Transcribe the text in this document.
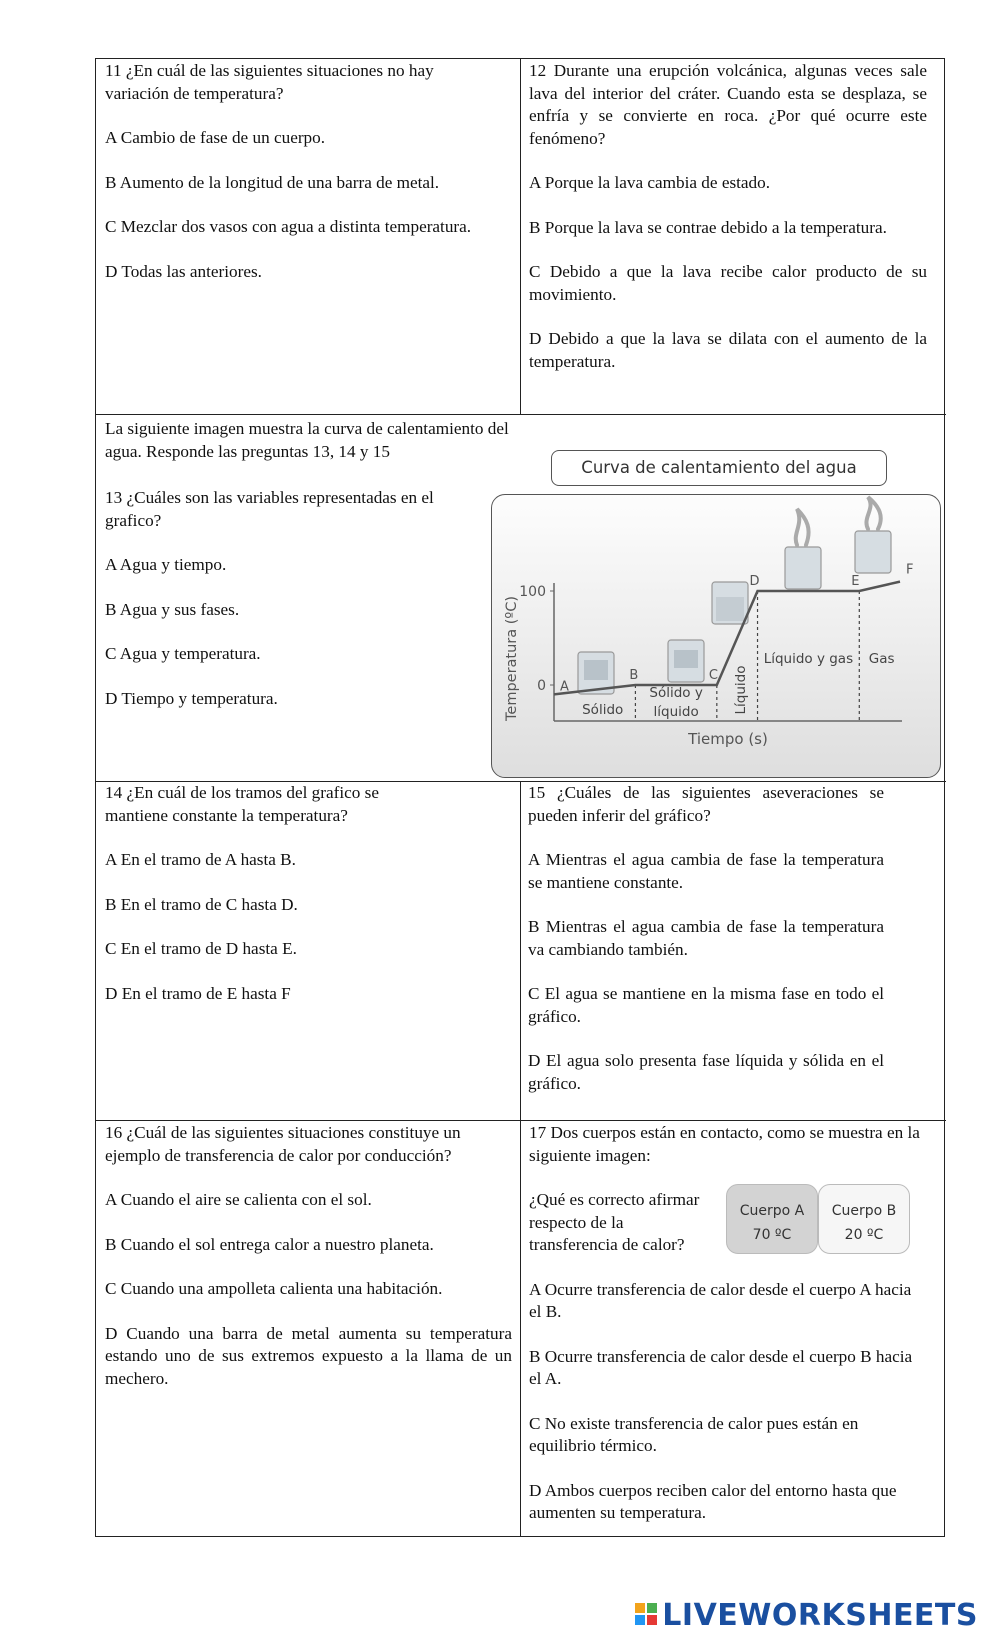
11 ¿En cuál de las siguientes situaciones no hay variación de temperatura?

A Cambio de fase de un cuerpo.

B Aumento de la longitud de una barra de metal.

C Mezclar dos vasos con agua a distinta temperatura.

D Todas las anteriores.

12 Durante una erupción volcánica, algunas veces sale lava del interior del cráter. Cuando esta se desplaza, se enfría y se convierte en roca. ¿Por qué ocurre este fenómeno?

A Porque la lava cambia de estado.

B Porque la lava se contrae debido a la temperatura.

C Debido a que la lava recibe calor producto de su movimiento.

D Debido a que la lava se dilata con el aumento de la temperatura.

La siguiente imagen muestra la curva de calentamiento del agua. Responde las preguntas 13, 14 y 15

13 ¿Cuáles son las variables representadas en el grafico?

A Agua y tiempo.

B Agua y sus fases.

C Agua y temperatura.

D Tiempo y temperatura.

Curva de calentamiento del agua
100
0
Temperatura (ºC)
Tiempo (s)
A
B	C
D	E
F
Sólido
Sólido y
líquido	Líquido
Líquido y gas Gas

14 ¿En cuál de los tramos del grafico se mantiene constante la temperatura?

A En el tramo de A hasta B.

B En el tramo de C hasta D.

C En el tramo de D hasta E.

D En el tramo de E hasta F

15 ¿Cuáles de las siguientes aseveraciones se pueden inferir del gráfico?

A Mientras el agua cambia de fase la temperatura se mantiene constante.

B Mientras el agua cambia de fase la temperatura va cambiando también.

C El agua se mantiene en la misma fase en todo el gráfico.

D El agua solo presenta fase líquida y sólida en el gráfico.

16 ¿Cuál de las siguientes situaciones constituye un ejemplo de transferencia de calor por conducción?

A Cuando el aire se calienta con el sol.

B Cuando el sol entrega calor a nuestro planeta.

C Cuando una ampolleta calienta una habitación.

D Cuando una barra de metal aumenta su temperatura estando uno de sus extremos expuesto a la llama de un mechero.

17 Dos cuerpos están en contacto, como se muestra en la siguiente imagen:

¿Qué es correcto afirmar respecto de la transferencia de calor?

A Ocurre transferencia de calor desde el cuerpo A hacia el B.

B Ocurre transferencia de calor desde el cuerpo B hacia el A.

C No existe transferencia de calor pues están en equilibrio térmico.

D Ambos cuerpos reciben calor del entorno hasta que aumenten su temperatura.

Cuerpo A
70 ºC
Cuerpo B
20 ºC
LIVEWORKSHEETS
